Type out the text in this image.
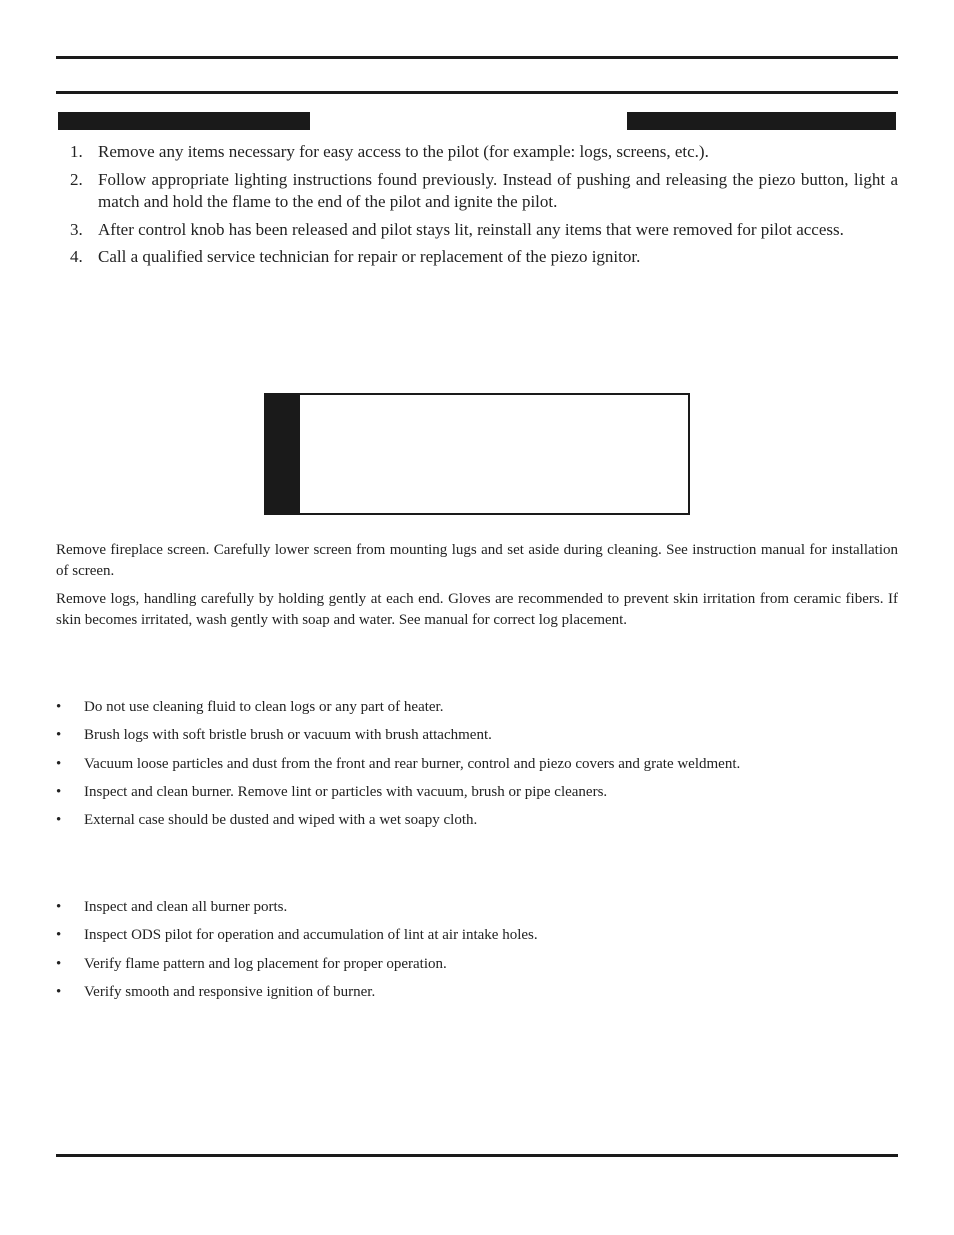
1. Remove any items necessary for easy access to the pilot (for example: logs, screens, etc.).
2. Follow appropriate lighting instructions found previously. Instead of pushing and releasing the piezo button, light a match and hold the flame to the end of the pilot and ignite the pilot.
3. After control knob has been released and pilot stays lit, reinstall any items that were removed for pilot access.
4. Call a qualified service technician for repair or replacement of the piezo ignitor.

Remove fireplace screen. Carefully lower screen from mounting lugs and set aside during cleaning. See instruction manual for installation of screen.

Remove logs, handling carefully by holding gently at each end. Gloves are recommended to prevent skin irritation from ceramic fibers. If skin becomes irritated, wash gently with soap and water. See manual for correct log placement.

• Do not use cleaning fluid to clean logs or any part of heater.
• Brush logs with soft bristle brush or vacuum with brush attachment.
• Vacuum loose particles and dust from the front and rear burner, control and piezo covers and grate weldment.
• Inspect and clean burner. Remove lint or particles with vacuum, brush or pipe cleaners.
• External case should be dusted and wiped with a wet soapy cloth.
• Inspect and clean all burner ports.
• Inspect ODS pilot for operation and accumulation of lint at air intake holes.
• Verify flame pattern and log placement for proper operation.
• Verify smooth and responsive ignition of burner.
